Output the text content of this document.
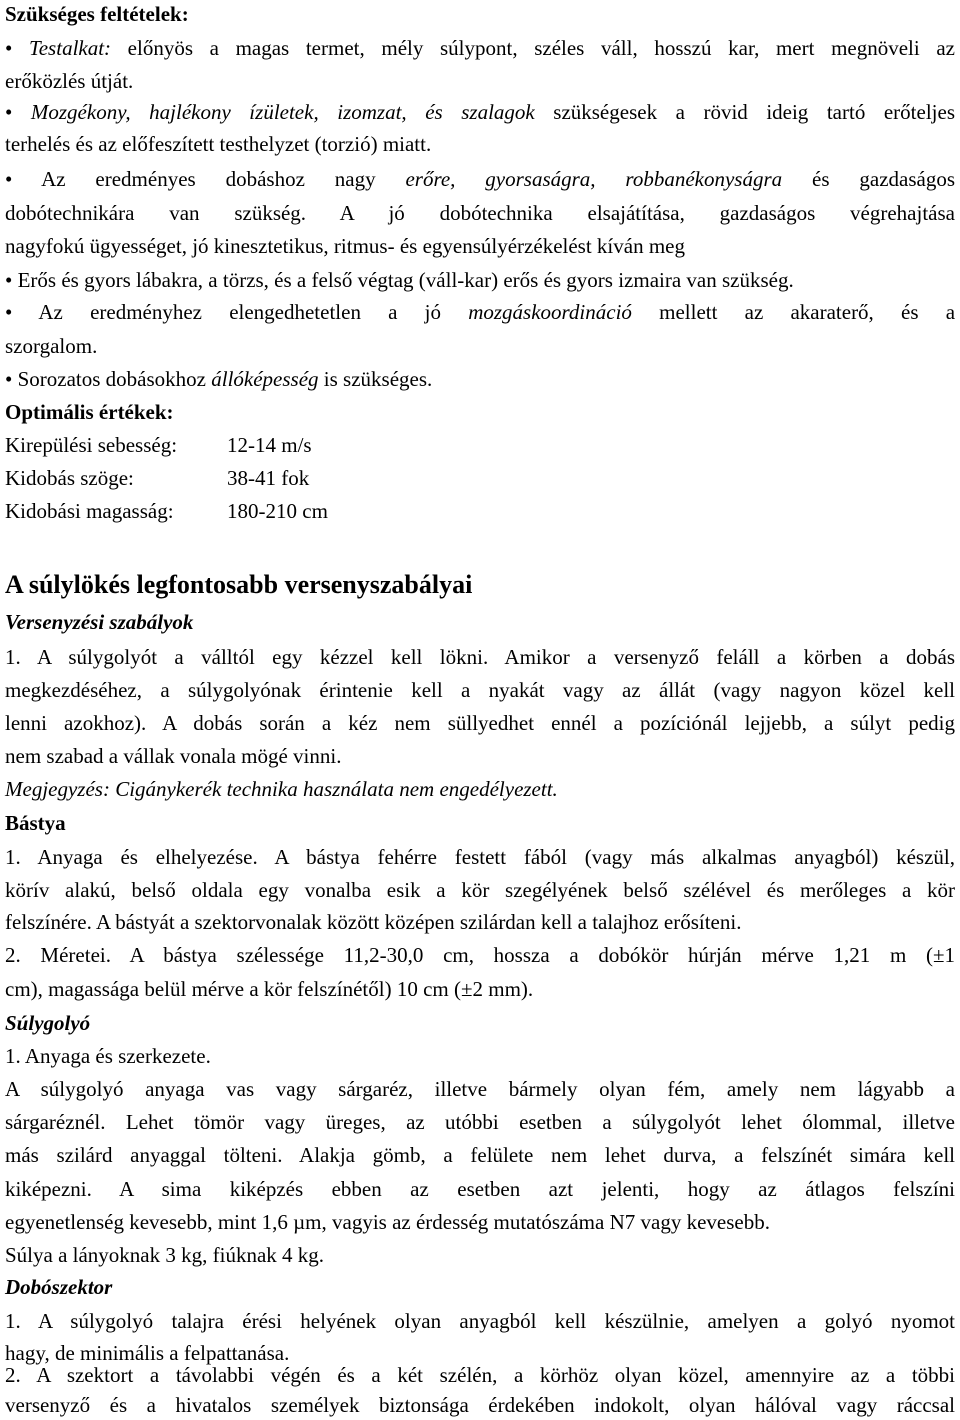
Szükséges feltételek:
• Testalkat: előnyös a magas termet, mély súlypont, széles váll, hosszú kar, mert megnöveli az
erőközlés útját.
• Mozgékony, hajlékony ízületek, izomzat, és szalagok szükségesek a rövid ideig tartó erőteljes
terhelés és az előfeszített testhelyzet (torzió) miatt.
• Az eredményes dobáshoz nagy erőre, gyorsaságra, robbanékonyságra és gazdaságos
dobótechnikára van szükség. A jó dobótechnika elsajátítása, gazdaságos végrehajtása
nagyfokú ügyességet, jó kinesztetikus, ritmus- és egyensúlyérzékelést kíván meg
• Erős és gyors lábakra, a törzs, és a felső végtag (váll-kar) erős és gyors izmaira van szükség.
• Az eredményhez elengedhetetlen a jó mozgáskoordináció mellett az akaraterő, és a
szorgalom.
• Sorozatos dobásokhoz állóképesség is szükséges.
Optimális értékek:
Kirepülési sebesség: 12-14 m/s
Kidobás szöge:	38-41 fok
Kidobási magasság:	180-210 cm
A súlylökés legfontosabb versenyszabályai
Versenyzési szabályok
1. A súlygolyót a válltól egy kézzel kell lökni. Amikor a versenyző feláll a körben a dobás
megkezdéséhez, a súlygolyónak érintenie kell a nyakát vagy az állát (vagy nagyon közel kell
lenni azokhoz). A dobás során a kéz nem süllyedhet ennél a pozíciónál lejjebb, a súlyt pedig
nem szabad a vállak vonala mögé vinni.
Megjegyzés: Cigánykerék technika használata nem engedélyezett.
Bástya
1. Anyaga és elhelyezése. A bástya fehérre festett fából (vagy más alkalmas anyagból) készül,
körív alakú, belső oldala egy vonalba esik a kör szegélyének belső szélével és merőleges a kör
felszínére. A bástyát a szektorvonalak között középen szilárdan kell a talajhoz erősíteni.
2. Méretei. A bástya szélessége 11,2-30,0 cm, hossza a dobókör húrján mérve 1,21 m (±1
cm), magassága belül mérve a kör felszínétől) 10 cm (±2 mm).
Súlygolyó
1. Anyaga és szerkezete.
A súlygolyó anyaga vas vagy sárgaréz, illetve bármely olyan fém, amely nem lágyabb a
sárgaréznél. Lehet tömör vagy üreges, az utóbbi esetben a súlygolyót lehet ólommal, illetve
más szilárd anyaggal tölteni. Alakja gömb, a felülete nem lehet durva, a felszínét simára kell
kiképezni. A sima kiképzés ebben az esetben azt jelenti, hogy az átlagos felszíni
egyenetlenség kevesebb, mint 1,6 µm, vagyis az érdesség mutatószáma N7 vagy kevesebb.
Súlya a lányoknak 3 kg, fiúknak 4 kg.
Dobószektor
1. A súlygolyó talajra érési helyének olyan anyagból kell készülnie, amelyen a golyó nyomot
hagy, de minimális a felpattanása.
2. A szektort a távolabbi végén és a két szélén, a körhöz olyan közel, amennyire az a többi
versenyző és a hivatalos személyek biztonsága érdekében indokolt, olyan hálóval vagy ráccsal
